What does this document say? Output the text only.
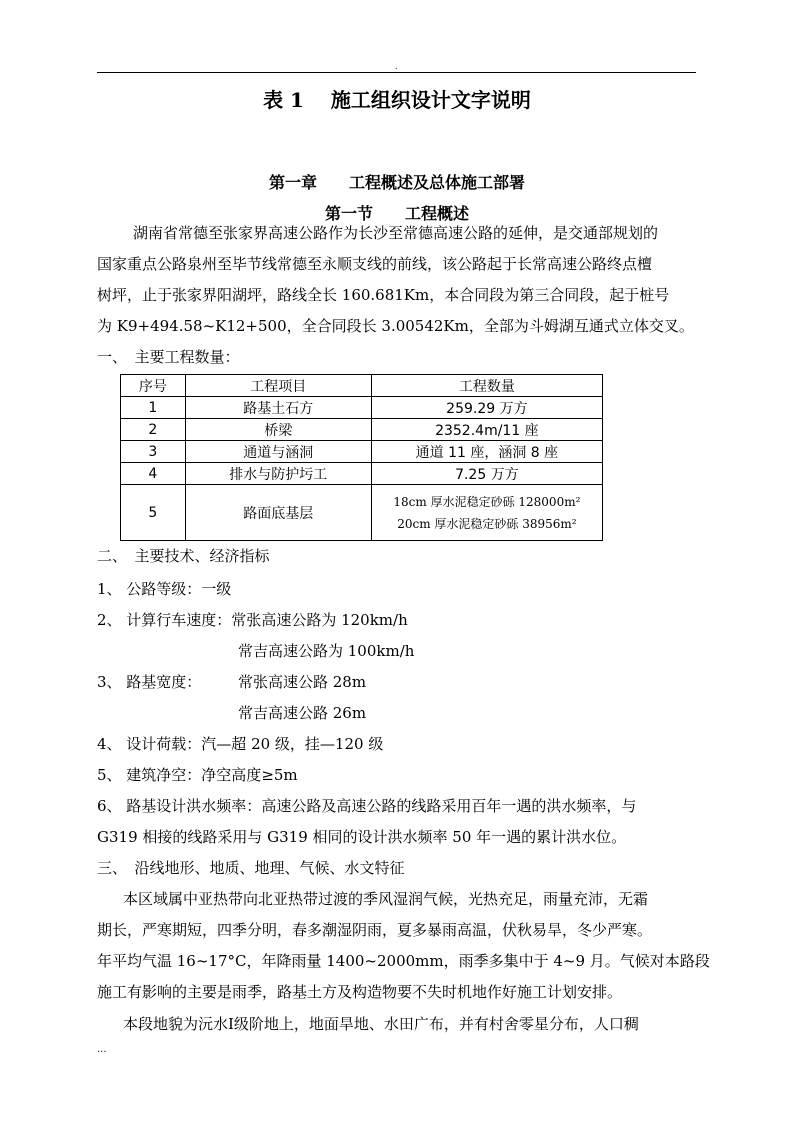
.
表 1　 施工组织设计文字说明
第一章　　工程概述及总体施工部署
第一节　　工程概述
湖南省常德至张家界高速公路作为长沙至常德高速公路的延伸，是交通部规划的
国家重点公路泉州至毕节线常德至永顺支线的前线，该公路起于长常高速公路终点檀
树坪，止于张家界阳湖坪，路线全长 160.681Km，本合同段为第三合同段，起于桩号
为 K9+494.58~K12+500，全合同段长 3.00542Km，全部为斗姆湖互通式立体交叉。
一、　主要工程数量：
序号	工程项目	工程数量
1	路基土石方	259.29 万方
2	桥梁	2352.4m/11 座
3	通道与涵洞	通道 11 座，涵洞 8 座
4	排水与防护圬工	7.25 万方
5	路面底基层	18cm 厚水泥稳定砂砾 128000m²
20cm 厚水泥稳定砂砾 38956m²
二、　主要技术、经济指标
1、 公路等级：一级
2、 计算行车速度：常张高速公路为 120km/h
常吉高速公路为 100km/h
3、 路基宽度： 常张高速公路 28m
常吉高速公路 26m
4、 设计荷载：汽—超 20 级，挂—120 级
5、 建筑净空：净空高度≥5m
6、 路基设计洪水频率：高速公路及高速公路的线路采用百年一遇的洪水频率，与
G319 相接的线路采用与 G319 相同的设计洪水频率 50 年一遇的累计洪水位。
三、　沿线地形、地质、地理、气候、水文特征
本区域属中亚热带向北亚热带过渡的季风湿润气候，光热充足，雨量充沛，无霜
期长，严寒期短，四季分明，春多潮湿阴雨，夏多暴雨高温，伏秋易旱，冬少严寒。
年平均气温 16~17°C，年降雨量 1400~2000mm，雨季多集中于 4~9 月。气候对本路段
施工有影响的主要是雨季，路基土方及构造物要不失时机地作好施工计划安排。
本段地貌为沅水Ⅰ级阶地上，地面旱地、水田广布，并有村舍零星分布，人口稠
...
